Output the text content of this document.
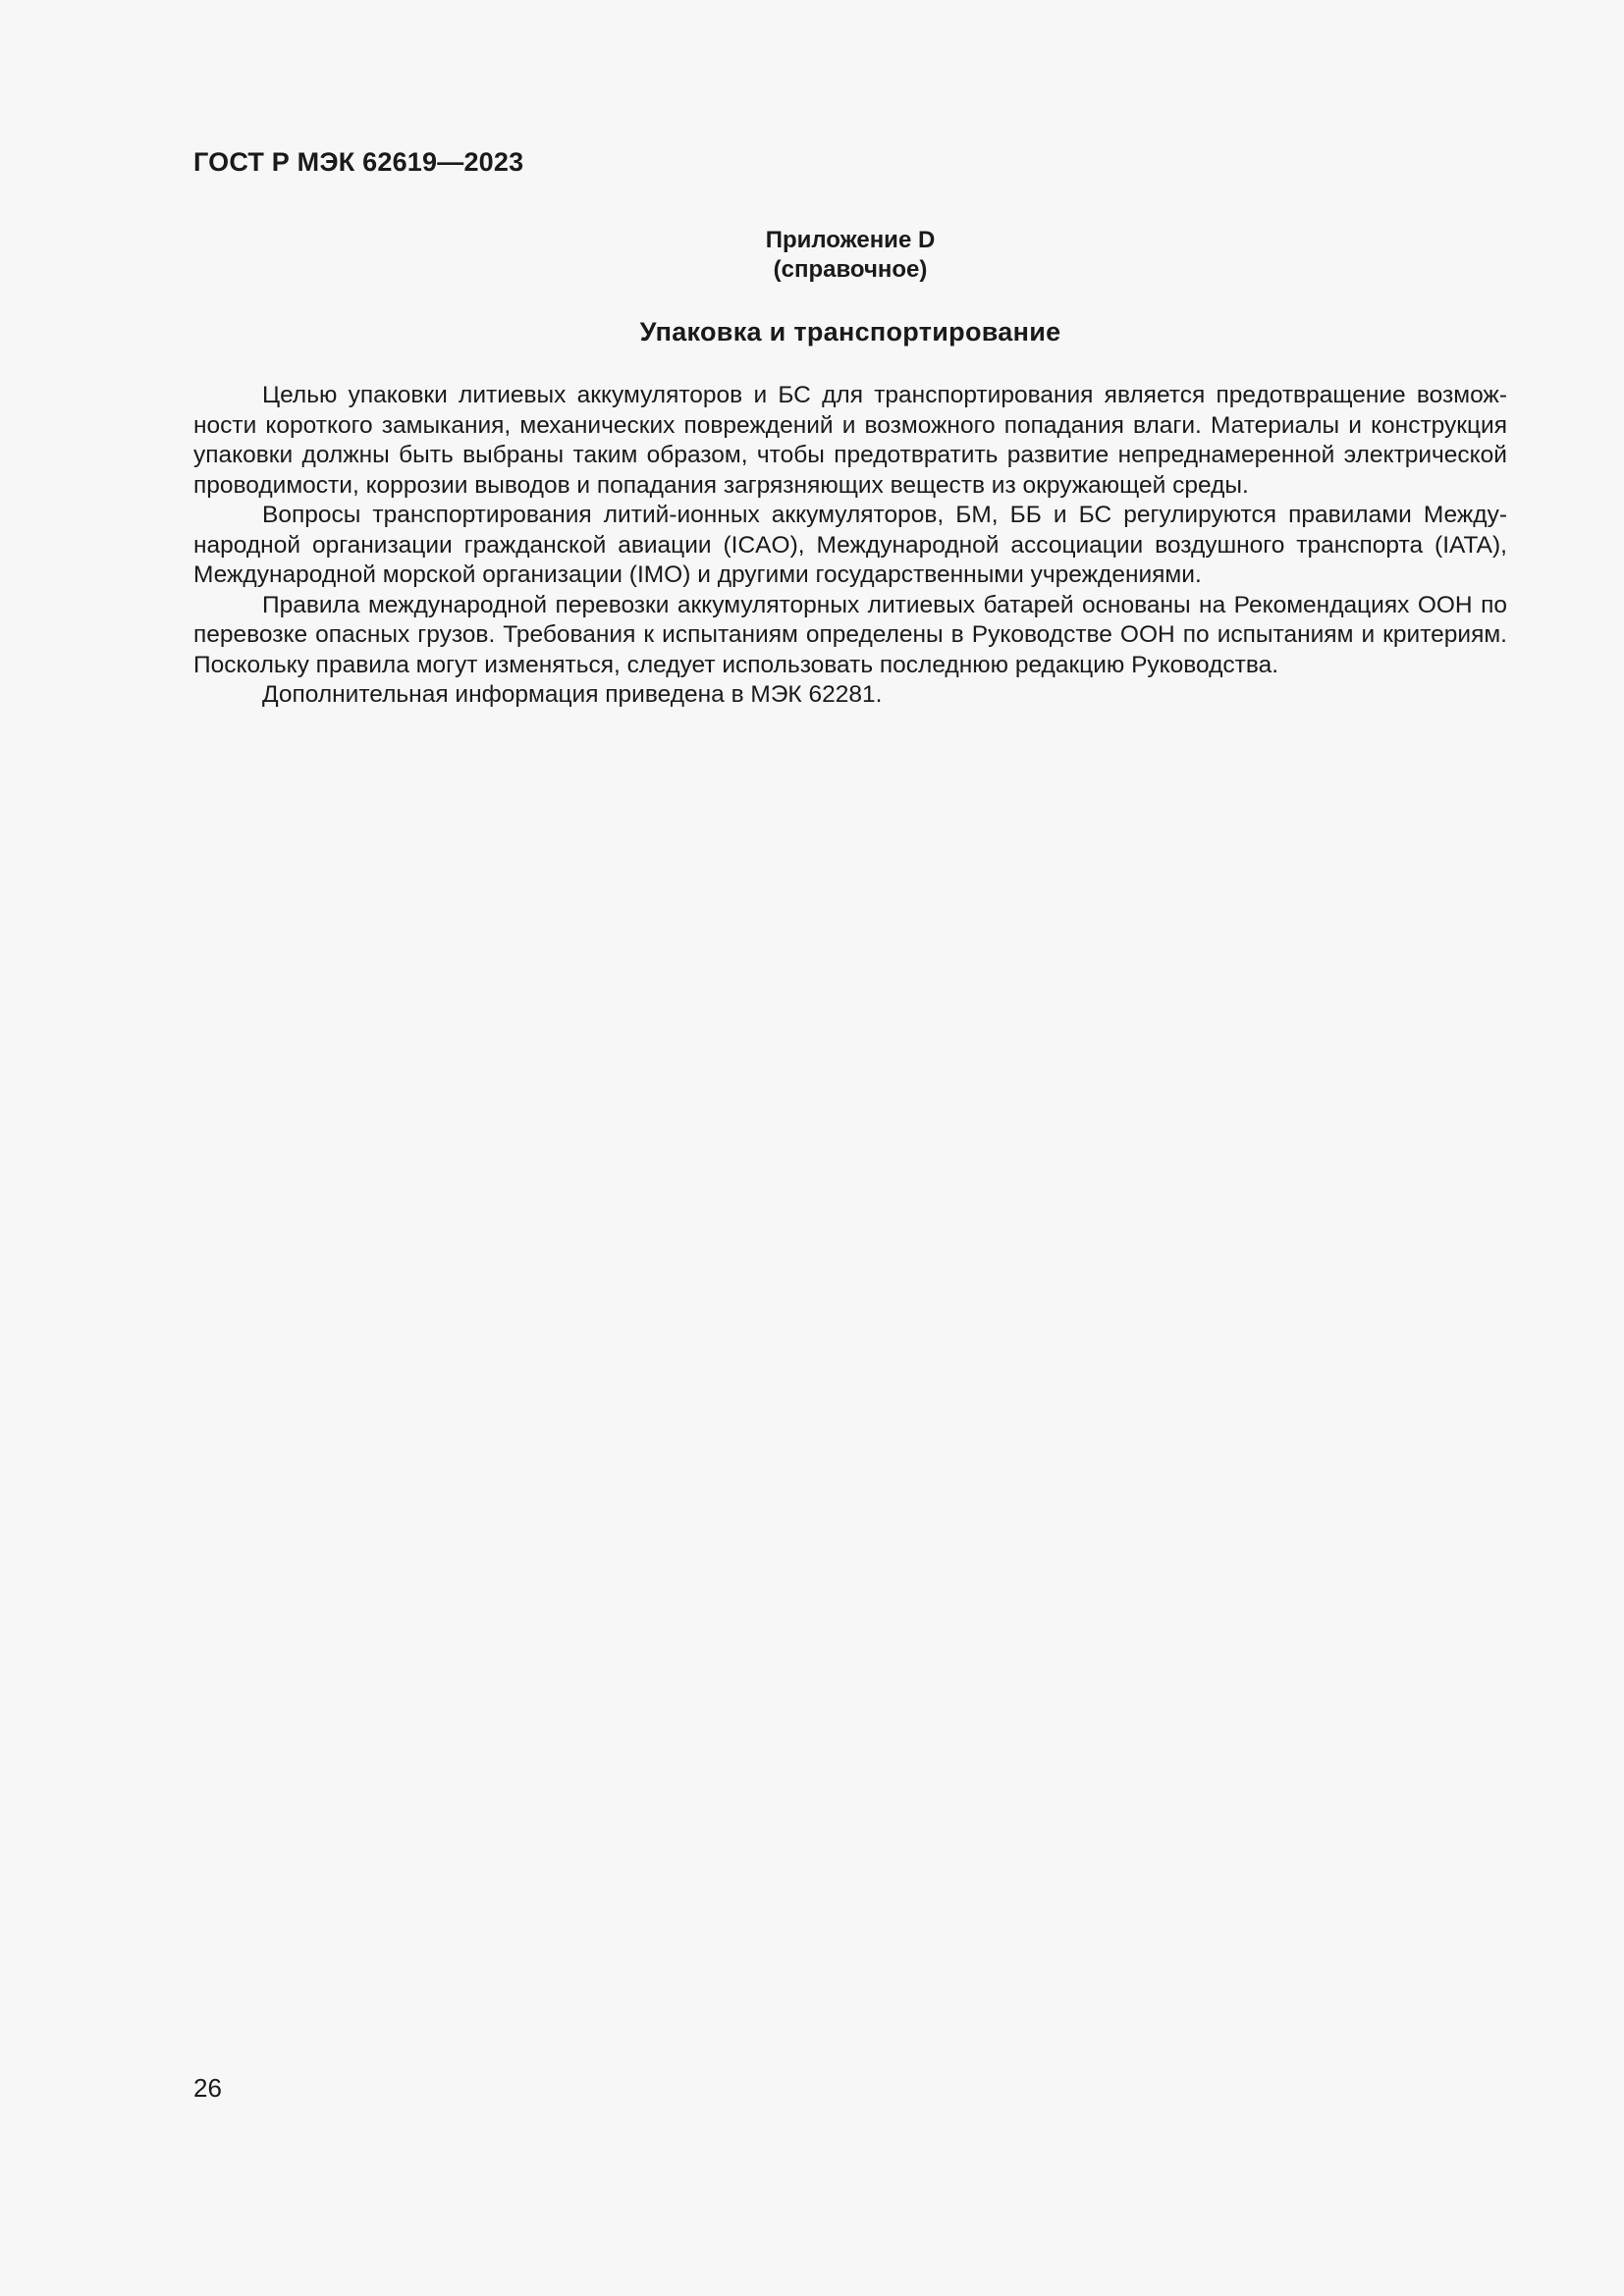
ГОСТ Р МЭК 62619—2023
Приложение D
(справочное)
Упаковка и транспортирование

Целью упаковки литиевых аккумуляторов и БС для транспортирования является предотвращение возможности короткого замыкания, механических повреждений и возможного попадания влаги. Материалы и конструкция упаковки должны быть выбраны таким образом, чтобы предотвратить развитие непреднамеренной электрической проводимости, коррозии выводов и попадания загрязняющих веществ из окружающей среды.

Вопросы транспортирования литий-ионных аккумуляторов, БМ, ББ и БС регулируются правилами Международной организации гражданской авиации (ICAO), Международной ассоциации воздушного транспорта (IATA), Международной морской организации (IMO) и другими государственными учреждениями.

Правила международной перевозки аккумуляторных литиевых батарей основаны на Рекомендациях ООН по перевозке опасных грузов. Требования к испытаниям определены в Руководстве ООН по испытаниям и критериям. Поскольку правила могут изменяться, следует использовать последнюю редакцию Руководства.

Дополнительная информация приведена в МЭК 62281.

26
